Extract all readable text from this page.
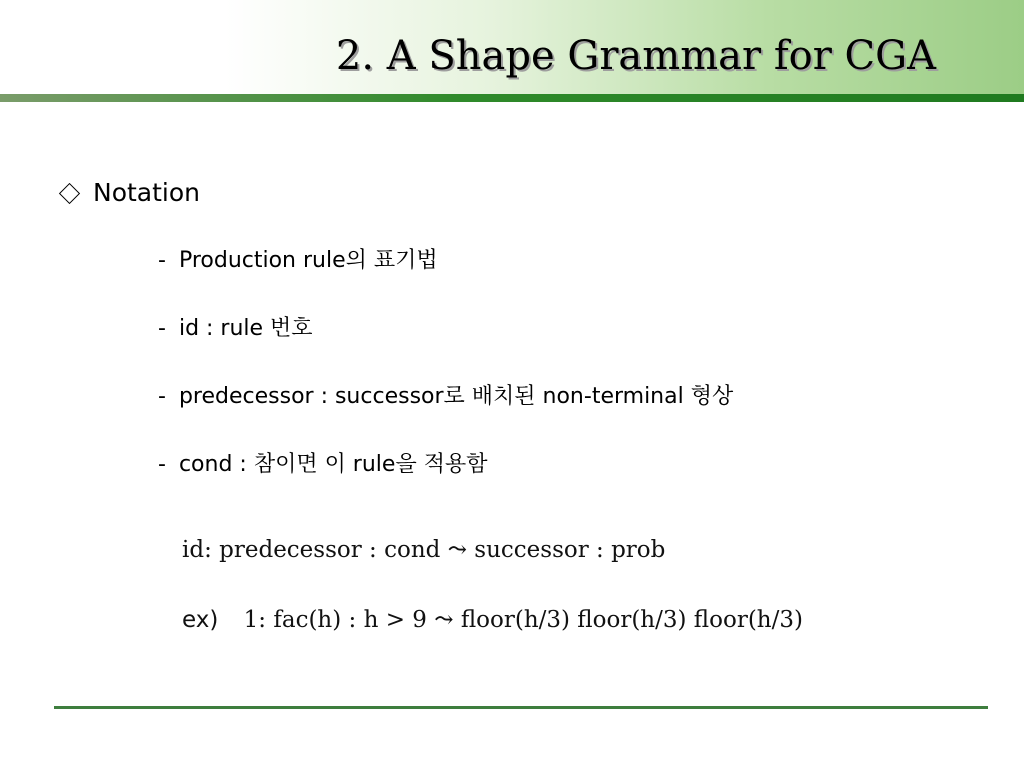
2. A Shape Grammar for CGA
Notation
- Production rule의 표기법
- id : rule 번호
- predecessor : successor로 배치된 non-terminal 형상
- cond : 참이면 이 rule을 적용함
id: predecessor : cond ⤳ successor : prob
ex) 1: fac(h) : h > 9 ⤳ floor(h/3) floor(h/3) floor(h/3)
